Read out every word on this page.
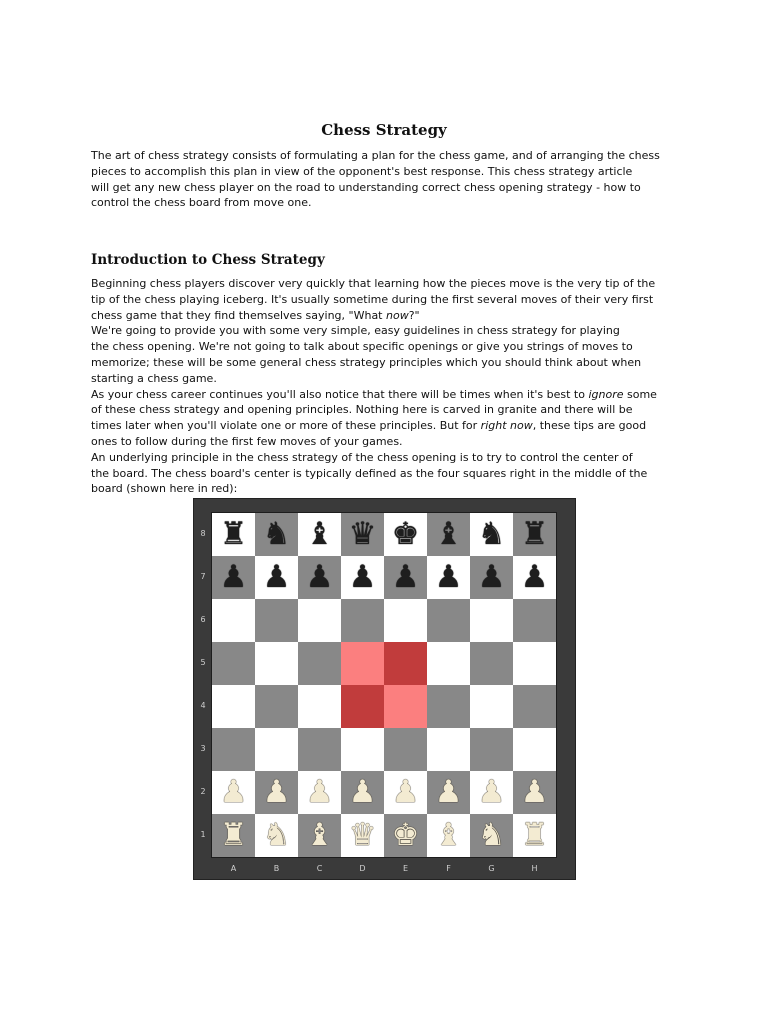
Chess Strategy

The art of chess strategy consists of formulating a plan for the chess game, and of arranging the chess
pieces to accomplish this plan in view of the opponent's best response. This chess strategy article
will get any new chess player on the road to understanding correct chess opening strategy - how to
control the chess board from move one.

Introduction to Chess Strategy

Beginning chess players discover very quickly that learning how the pieces move is the very tip of the
tip of the chess playing iceberg. It's usually sometime during the first several moves of their very first
chess game that they find themselves saying, "What now?"
We're going to provide you with some very simple, easy guidelines in chess strategy for playing
the chess opening. We're not going to talk about specific openings or give you strings of moves to
memorize; these will be some general chess strategy principles which you should think about when
starting a chess game.
As your chess career continues you'll also notice that there will be times when it's best to ignore some
of these chess strategy and opening principles. Nothing here is carved in granite and there will be
times later when you'll violate one or more of these principles. But for right now, these tips are good
ones to follow during the first few moves of your games.
An underlying principle in the chess strategy of the chess opening is to try to control the center of
the board. The chess board's center is typically defined as the four squares right in the middle of the
board (shown here in red):

8
7
6
5
4
3
2
1
♜ ♞ ♝ ♛ ♚ ♝ ♞ ♜
♟ ♟ ♟ ♟ ♟ ♟ ♟ ♟
♟ ♟ ♟ ♟ ♟ ♟ ♟ ♟
♜ ♞ ♝ ♛ ♚ ♝ ♞ ♜
A	B	C	D	E	F	G	H
